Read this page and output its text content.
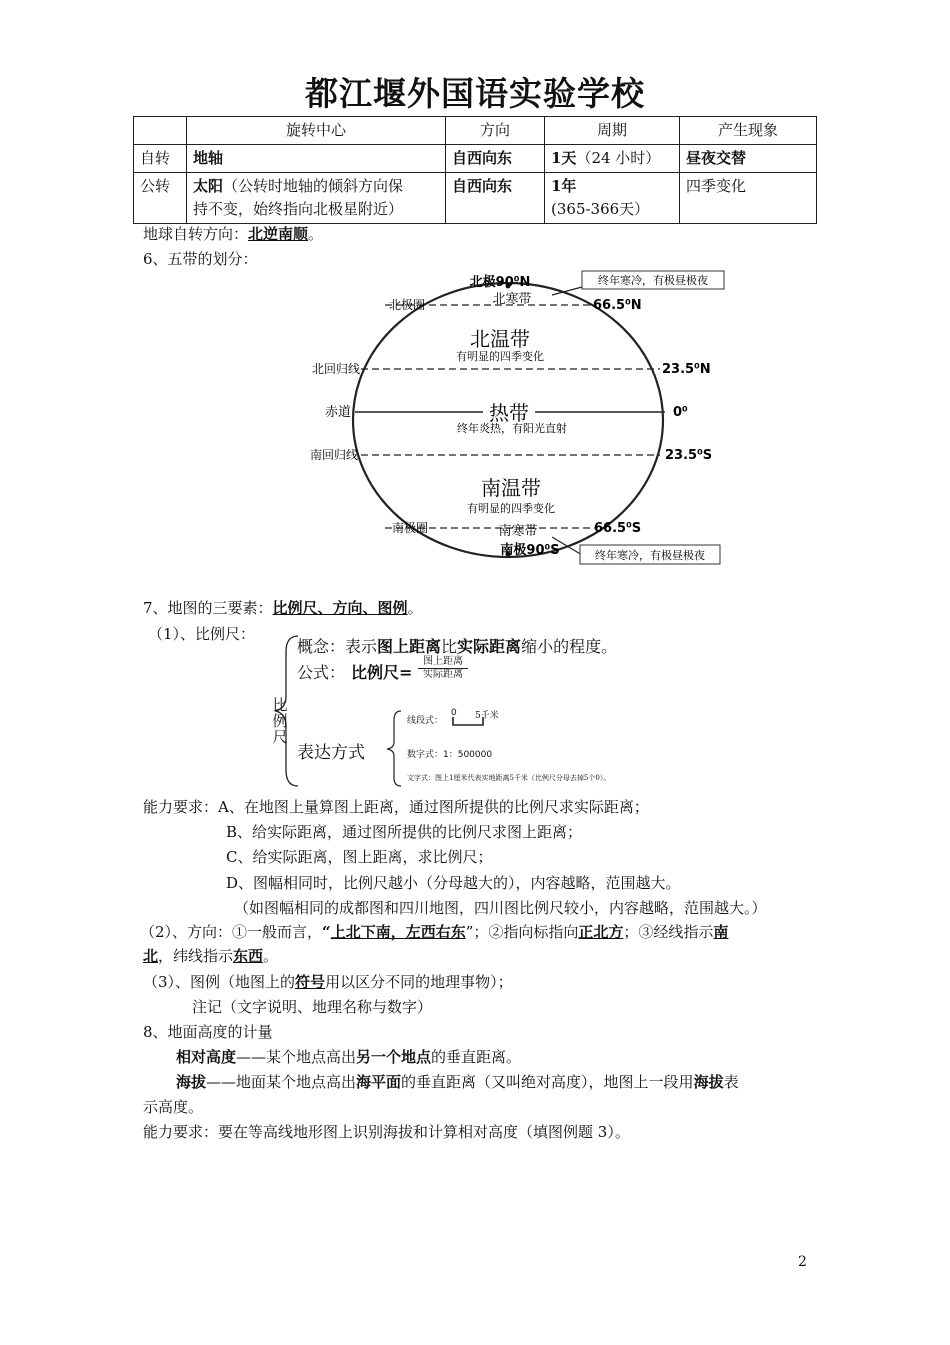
都江堰外国语实验学校
	旋转中心	方向	周期	产生现象
自转	地轴	自西向东	1天（24 小时）	昼夜交替
公转	太阳（公转时地轴的倾斜方向保
持不变，始终指向北极星附近）	自西向东	1年(365-366天）	四季变化
地球自转方向：北逆南顺。
6、五带的划分：
北极90⁰N
北寒带
终年寒冷，有极昼极夜
北极圈	66.5⁰N
北温带
有明显的四季变化
北回归线	23.5⁰N
赤道	热带	0⁰
终年炎热，有阳光直射
南回归线	23.5⁰S
南温带
有明显的四季变化
南极圈	66.5⁰S
南寒带
南极90⁰S	终年寒冷，有极昼极夜
7、地图的三要素：比例尺、方向、图例。
（1）、比例尺：
比
例
尺
概念：表示图上距离比实际距离缩小的程度。
公式： 比例尺=
图上距离
实际距离
表达方式
线段式：
0 5千米
数字式：1：500000
文字式：图上1厘米代表实地距离5千米（比例尺分母去掉5个0）。
能力要求：A、在地图上量算图上距离，通过图所提供的比例尺求实际距离；
B、给实际距离，通过图所提供的比例尺求图上距离；
C、给实际距离，图上距离，求比例尺；
D、图幅相同时，比例尺越小（分母越大的），内容越略，范围越大。
（如图幅相同的成都图和四川地图，四川图比例尺较小，内容越略，范围越大。）
（2）、方向：①一般而言，“上北下南，左西右东”；②指向标指向正北方；③经线指示南
北，纬线指示东西。
（3）、图例（地图上的符号用以区分不同的地理事物）；
注记（文字说明、地理名称与数字）
8、地面高度的计量
相对高度——某个地点高出另一个地点的垂直距离。
海拔——地面某个地点高出海平面的垂直距离（又叫绝对高度），地图上一段用海拔表
示高度。
能力要求：要在等高线地形图上识别海拔和计算相对高度（填图例题 3）。
2
